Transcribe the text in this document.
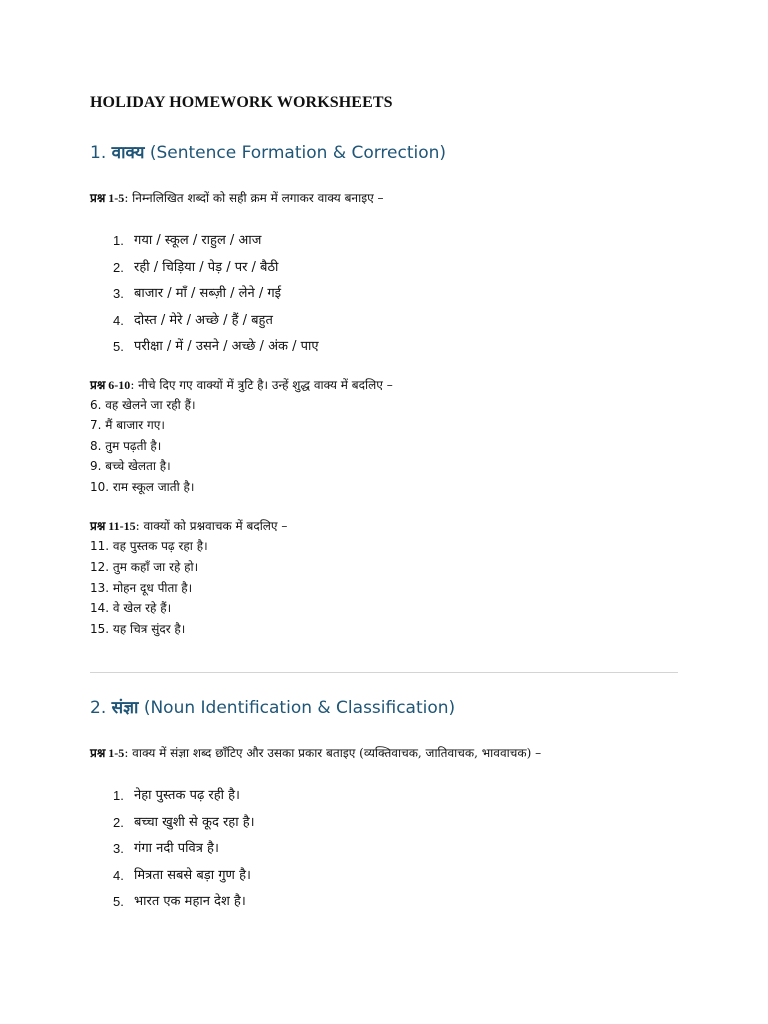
HOLIDAY HOMEWORK WORKSHEETS
1. वाक्य (Sentence Formation & Correction)

प्रश्न 1-5: निम्नलिखित शब्दों को सही क्रम में लगाकर वाक्य बनाइए –

1. गया / स्कूल / राहुल / आज
2. रही / चिड़िया / पेड़ / पर / बैठी
3. बाजार / माँ / सब्ज़ी / लेने / गई
4. दोस्त / मेरे / अच्छे / हैं / बहुत
5. परीक्षा / में / उसने / अच्छे / अंक / पाए

प्रश्न 6-10: नीचे दिए गए वाक्यों में त्रुटि है। उन्हें शुद्ध वाक्य में बदलिए –

6. वह खेलने जा रही हैं।
7. मैं बाजार गए।
8. तुम पढ़ती है।
9. बच्चे खेलता है।
10. राम स्कूल जाती है।

प्रश्न 11-15: वाक्यों को प्रश्नवाचक में बदलिए –

11. वह पुस्तक पढ़ रहा है।
12. तुम कहाँ जा रहे हो।
13. मोहन दूध पीता है।
14. वे खेल रहे हैं।
15. यह चित्र सुंदर है।
2. संज्ञा (Noun Identification & Classification)

प्रश्न 1-5: वाक्य में संज्ञा शब्द छाँटिए और उसका प्रकार बताइए (व्यक्तिवाचक, जातिवाचक, भाववाचक) –

1. नेहा पुस्तक पढ़ रही है।
2. बच्चा खुशी से कूद रहा है।
3. गंगा नदी पवित्र है।
4. मित्रता सबसे बड़ा गुण है।
5. भारत एक महान देश है।
